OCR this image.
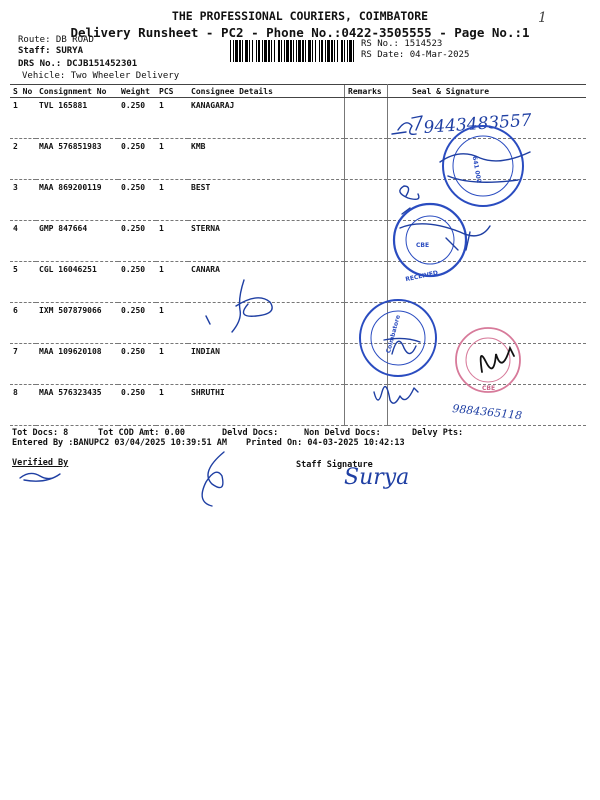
THE PROFESSIONAL COURIERS, COIMBATORE
Delivery Runsheet - PC2 - Phone No.:0422-3505555 - Page No.:1
1
Route: DB ROAD
Staff: SURYA
DRS No.: DCJB151452301
Vehicle: Two Wheeler Delivery
RS No.: 1514523
RS Date: 04-Mar-2025
S No	Consignment No	Weight	PCS	Consignee Details	Remarks	Seal & Signature
1	TVL 165881	0.250	1	KANAGARAJ		
2	MAA 576851983	0.250	1	KMB		
3	MAA 869200119	0.250	1	BEST		
4	GMP 847664	0.250	1	STERNA		
5	CGL 16046251	0.250	1	CANARA		
6	IXM 507879066	0.250	1			
7	MAA 109620108	0.250	1	INDIAN		
8	MAA 576323435	0.250	1	SHRUTHI		
9443483557
641 002
RECEIVED
CBE
Coimbatore
CBE
9884365118
Surya
Tot Docs: 8	Tot COD Amt: 0.00	Delvd Docs:	Non Delvd Docs:	Delvy Pts:
Entered By :BANUPC2 03/04/2025 10:39:51 AM Printed On: 04-03-2025 10:42:13
Verified By	Staff Signature
